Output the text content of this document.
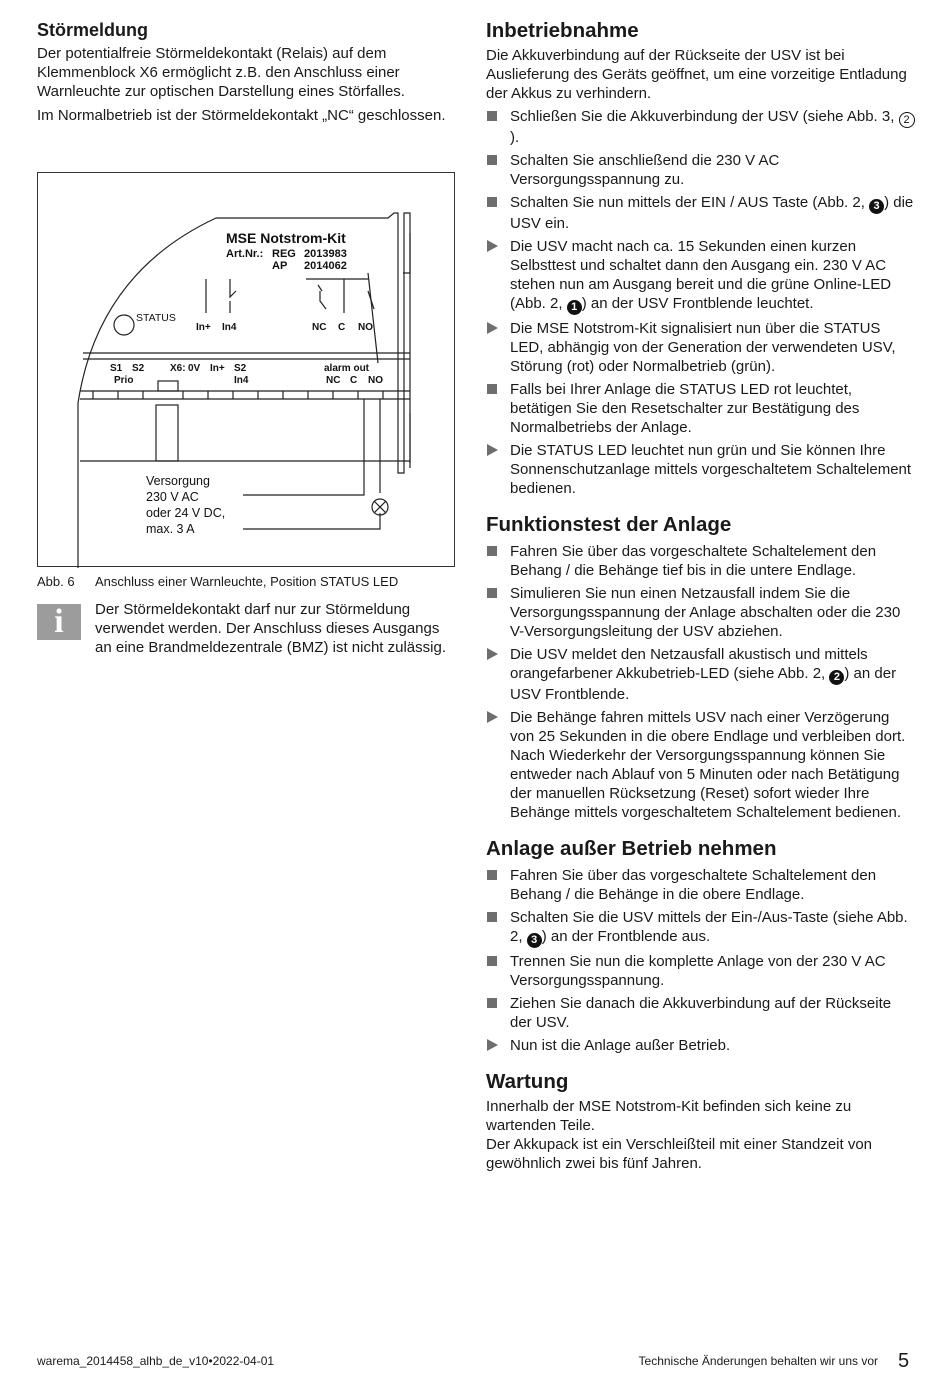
Störmeldung

Der potentialfreie Störmeldekontakt (Relais) auf dem Klemmenblock X6 ermöglicht z.B. den Anschluss einer Warnleuchte zur optischen Darstellung eines Störfalles.

Im Normalbetrieb ist der Störmeldekontakt „NC“ geschlossen.

MSE Notstrom-Kit
Art.Nr.: REG 2013983
AP 2014062
STATUS
In+ In4	NC C NO
S1 S2
Prio
X6: 0V In+ S2
In4
alarm out
NC C NO
Versorgung
230 V AC
oder 24 V DC,
max. 3 A
Abb. 6 Anschluss einer Warnleuchte, Position STATUS LED
i	Der Störmeldekontakt darf nur zur Störmeldung verwendet werden. Der Anschluss dieses Ausgangs an eine Brandmeldezentrale (BMZ) ist nicht zulässig.
Inbetriebnahme

Die Akkuverbindung auf der Rückseite der USV ist bei Auslieferung des Geräts geöffnet, um eine vorzeitige Entladung der Akkus zu verhindern.

Schließen Sie die Akkuverbindung der USV (siehe Abb. 3, 2).
Schalten Sie anschließend die 230 V AC Versorgungsspannung zu.
Schalten Sie nun mittels der EIN / AUS Taste (Abb. 2, 3 ) die USV ein.
Die USV macht nach ca. 15 Sekunden einen kurzen Selbsttest und schaltet dann den Ausgang ein. 230 V AC stehen nun am Ausgang bereit und die grüne Online-LED (Abb. 2, 1 ) an der USV Frontblende leuchtet.
Die MSE Notstrom-Kit signalisiert nun über die STATUS LED, abhängig von der Generation der verwendeten USV, Störung (rot) oder Normalbetrieb (grün).
Falls bei Ihrer Anlage die STATUS LED rot leuchtet, betätigen Sie den Resetschalter zur Bestätigung des Normalbetriebs der Anlage.
Die STATUS LED leuchtet nun grün und Sie können Ihre Sonnenschutzanlage mittels vorgeschaltetem Schaltelement bedienen.
Funktionstest der Anlage
Fahren Sie über das vorgeschaltete Schaltelement den Behang / die Behänge tief bis in die untere Endlage.
Simulieren Sie nun einen Netzausfall indem Sie die Versorgungsspannung der Anlage abschalten oder die 230 V-Versorgungsleitung der USV abziehen.
Die USV meldet den Netzausfall akustisch und mittels orangefarbener Akkubetrieb-LED (siehe Abb. 2, 2 ) an der USV Frontblende.
Die Behänge fahren mittels USV nach einer Verzögerung von 25 Sekunden in die obere Endlage und verbleiben dort. Nach Wiederkehr der Versorgungsspannung können Sie entweder nach Ablauf von 5 Minuten oder nach Betätigung der manuellen Rücksetzung (Reset) sofort wieder Ihre Behänge mittels vorgeschaltetem Schaltelement bedienen.
Anlage außer Betrieb nehmen
Fahren Sie über das vorgeschaltete Schaltelement den Behang / die Behänge in die obere Endlage.
Schalten Sie die USV mittels der Ein-/Aus-Taste (siehe Abb. 2, 3 ) an der Frontblende aus.
Trennen Sie nun die komplette Anlage von der 230 V AC Versorgungsspannung.
Ziehen Sie danach die Akkuverbindung auf der Rückseite der USV.
Nun ist die Anlage außer Betrieb.
Wartung

Innerhalb der MSE Notstrom-Kit befinden sich keine zu wartenden Teile.

Der Akkupack ist ein Verschleißteil mit einer Standzeit von gewöhnlich zwei bis fünf Jahren.

warema_2014458_alhb_de_v10•2022-04-01	Technische Änderungen behalten wir uns vor 5
